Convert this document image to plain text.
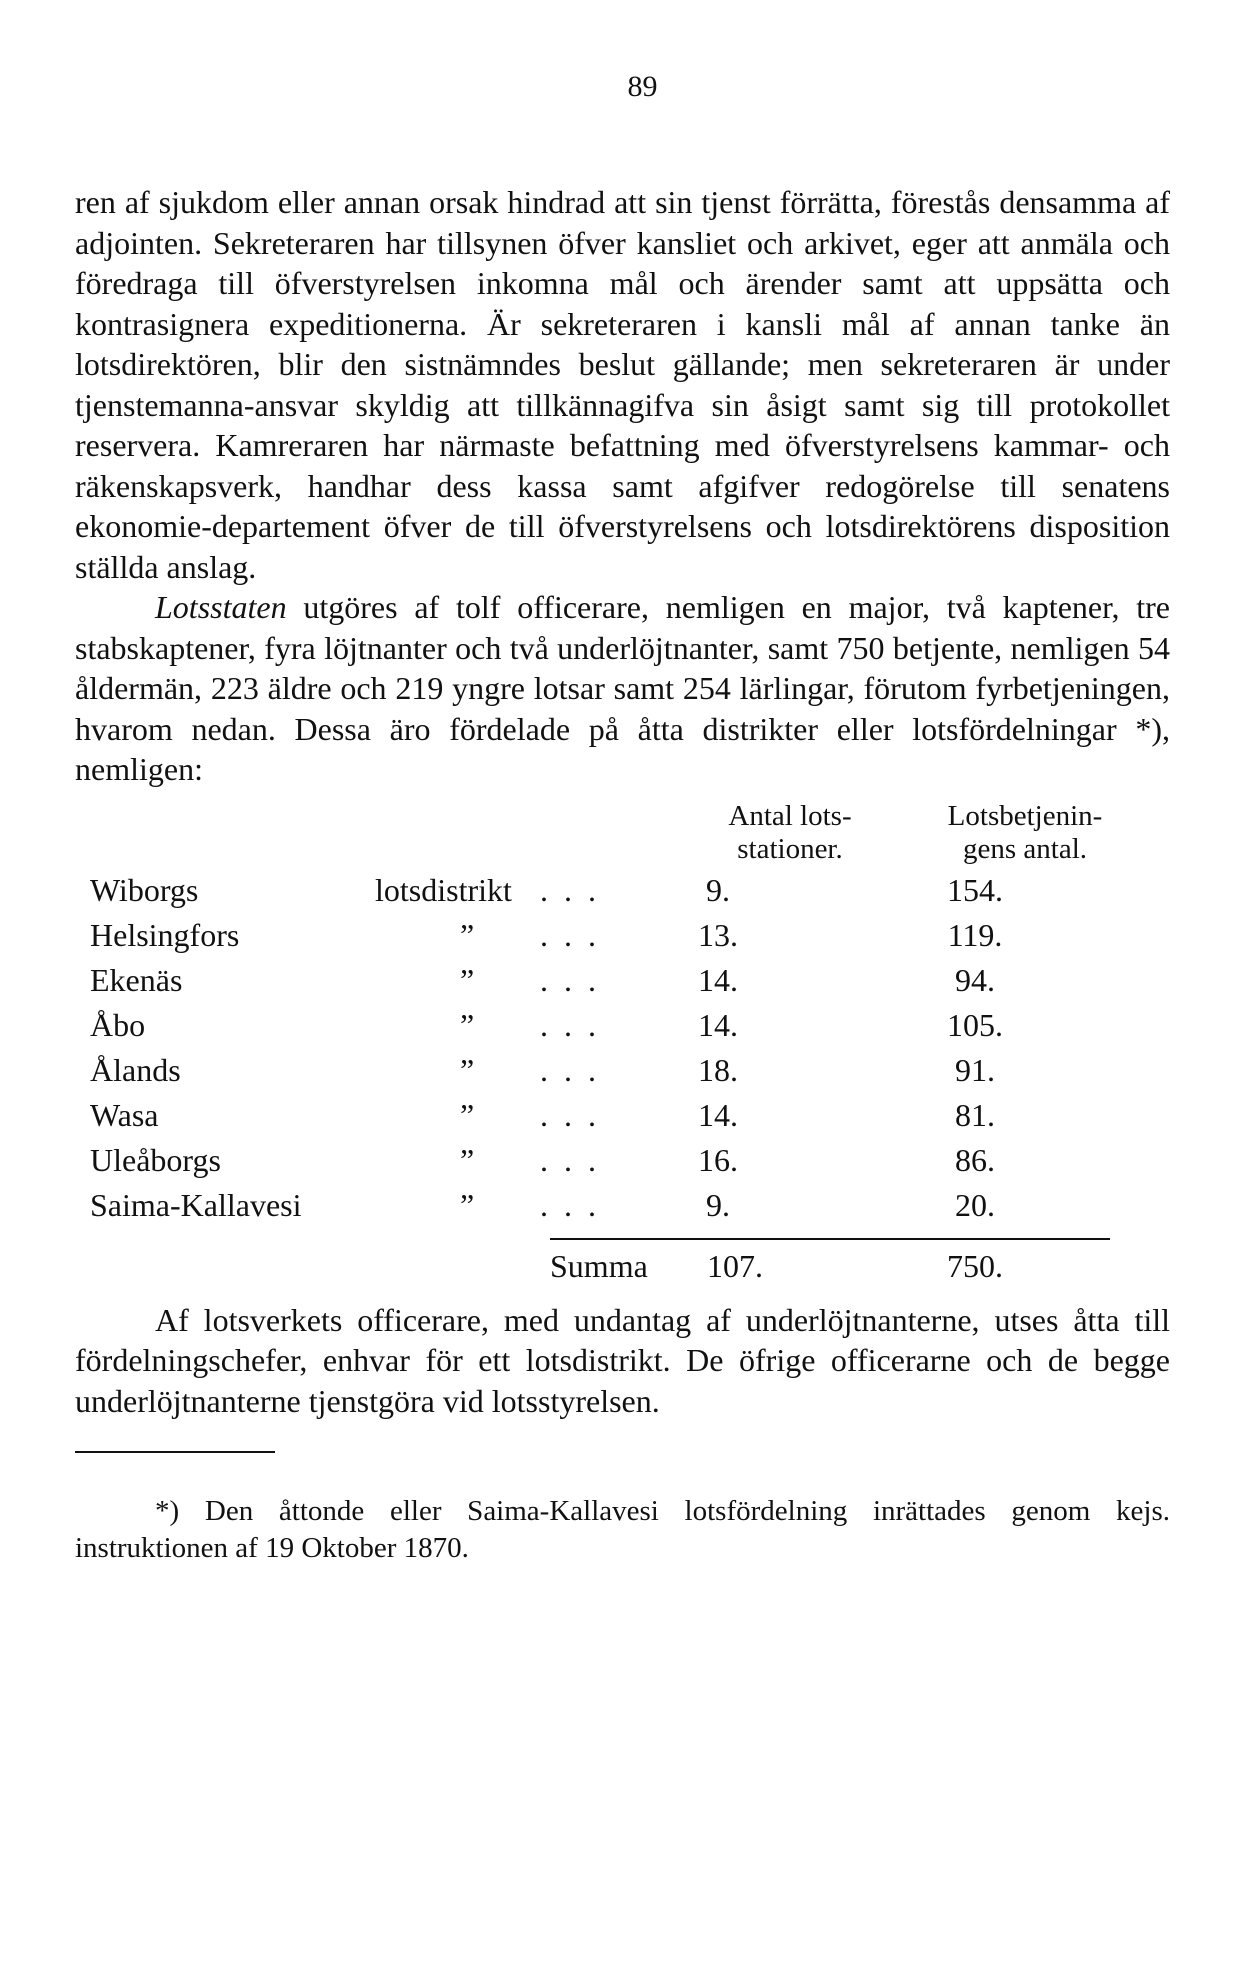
89

ren af sjukdom eller annan orsak hindrad att sin tjenst förrätta, förestås densamma af adjointen. Sekreteraren har tillsynen öfver kansliet och arkivet, eger att anmäla och föredraga till öfverstyrelsen inkomna mål och ärender samt att uppsätta och kontrasignera expeditionerna. Är sekreteraren i kansli mål af annan tanke än lotsdirektören, blir den sistnämndes beslut gällande; men sekreteraren är under tjenstemanna-ansvar skyldig att tillkännagifva sin åsigt samt sig till protokollet reservera. Kamreraren har närmaste befattning med öfverstyrelsens kammar- och räkenskapsverk, handhar dess kassa samt afgifver redogörelse till senatens ekonomie-departement öfver de till öfverstyrelsens och lotsdirektörens disposition ställda anslag.

Lotsstaten utgöres af tolf officerare, nemligen en major, två kaptener, tre stabskaptener, fyra löjtnanter och två underlöjtnanter, samt 750 betjente, nemligen 54 åldermän, 223 äldre och 219 yngre lotsar samt 254 lärlingar, förutom fyrbetjeningen, hvarom nedan. Dessa äro fördelade på åtta distrikter eller lotsfördelningar *), nemligen:

Antal lots-
stationer.
Lotsbetjenin-
gens antal.
Wiborgs	lotsdistrikt . . .	9.	154.
Helsingfors	” . . .	13.	119.
Ekenäs	” . . .	14.	94.
Åbo	” . . .	14.	105.
Ålands	” . . .	18.	91.
Wasa	” . . .	14.	81.
Uleåborgs	” . . .	16.	86.
Saima-Kallavesi	” . . .	9.	20.
Summa	107.	750.

Af lotsverkets officerare, med undantag af underlöjtnanterne, utses åtta till fördelningschefer, enhvar för ett lotsdistrikt. De öfrige officerarne och de begge underlöjtnanterne tjenstgöra vid lotsstyrelsen.

*) Den åttonde eller Saima-Kallavesi lotsfördelning inrättades genom kejs. instruktionen af 19 Oktober 1870.
